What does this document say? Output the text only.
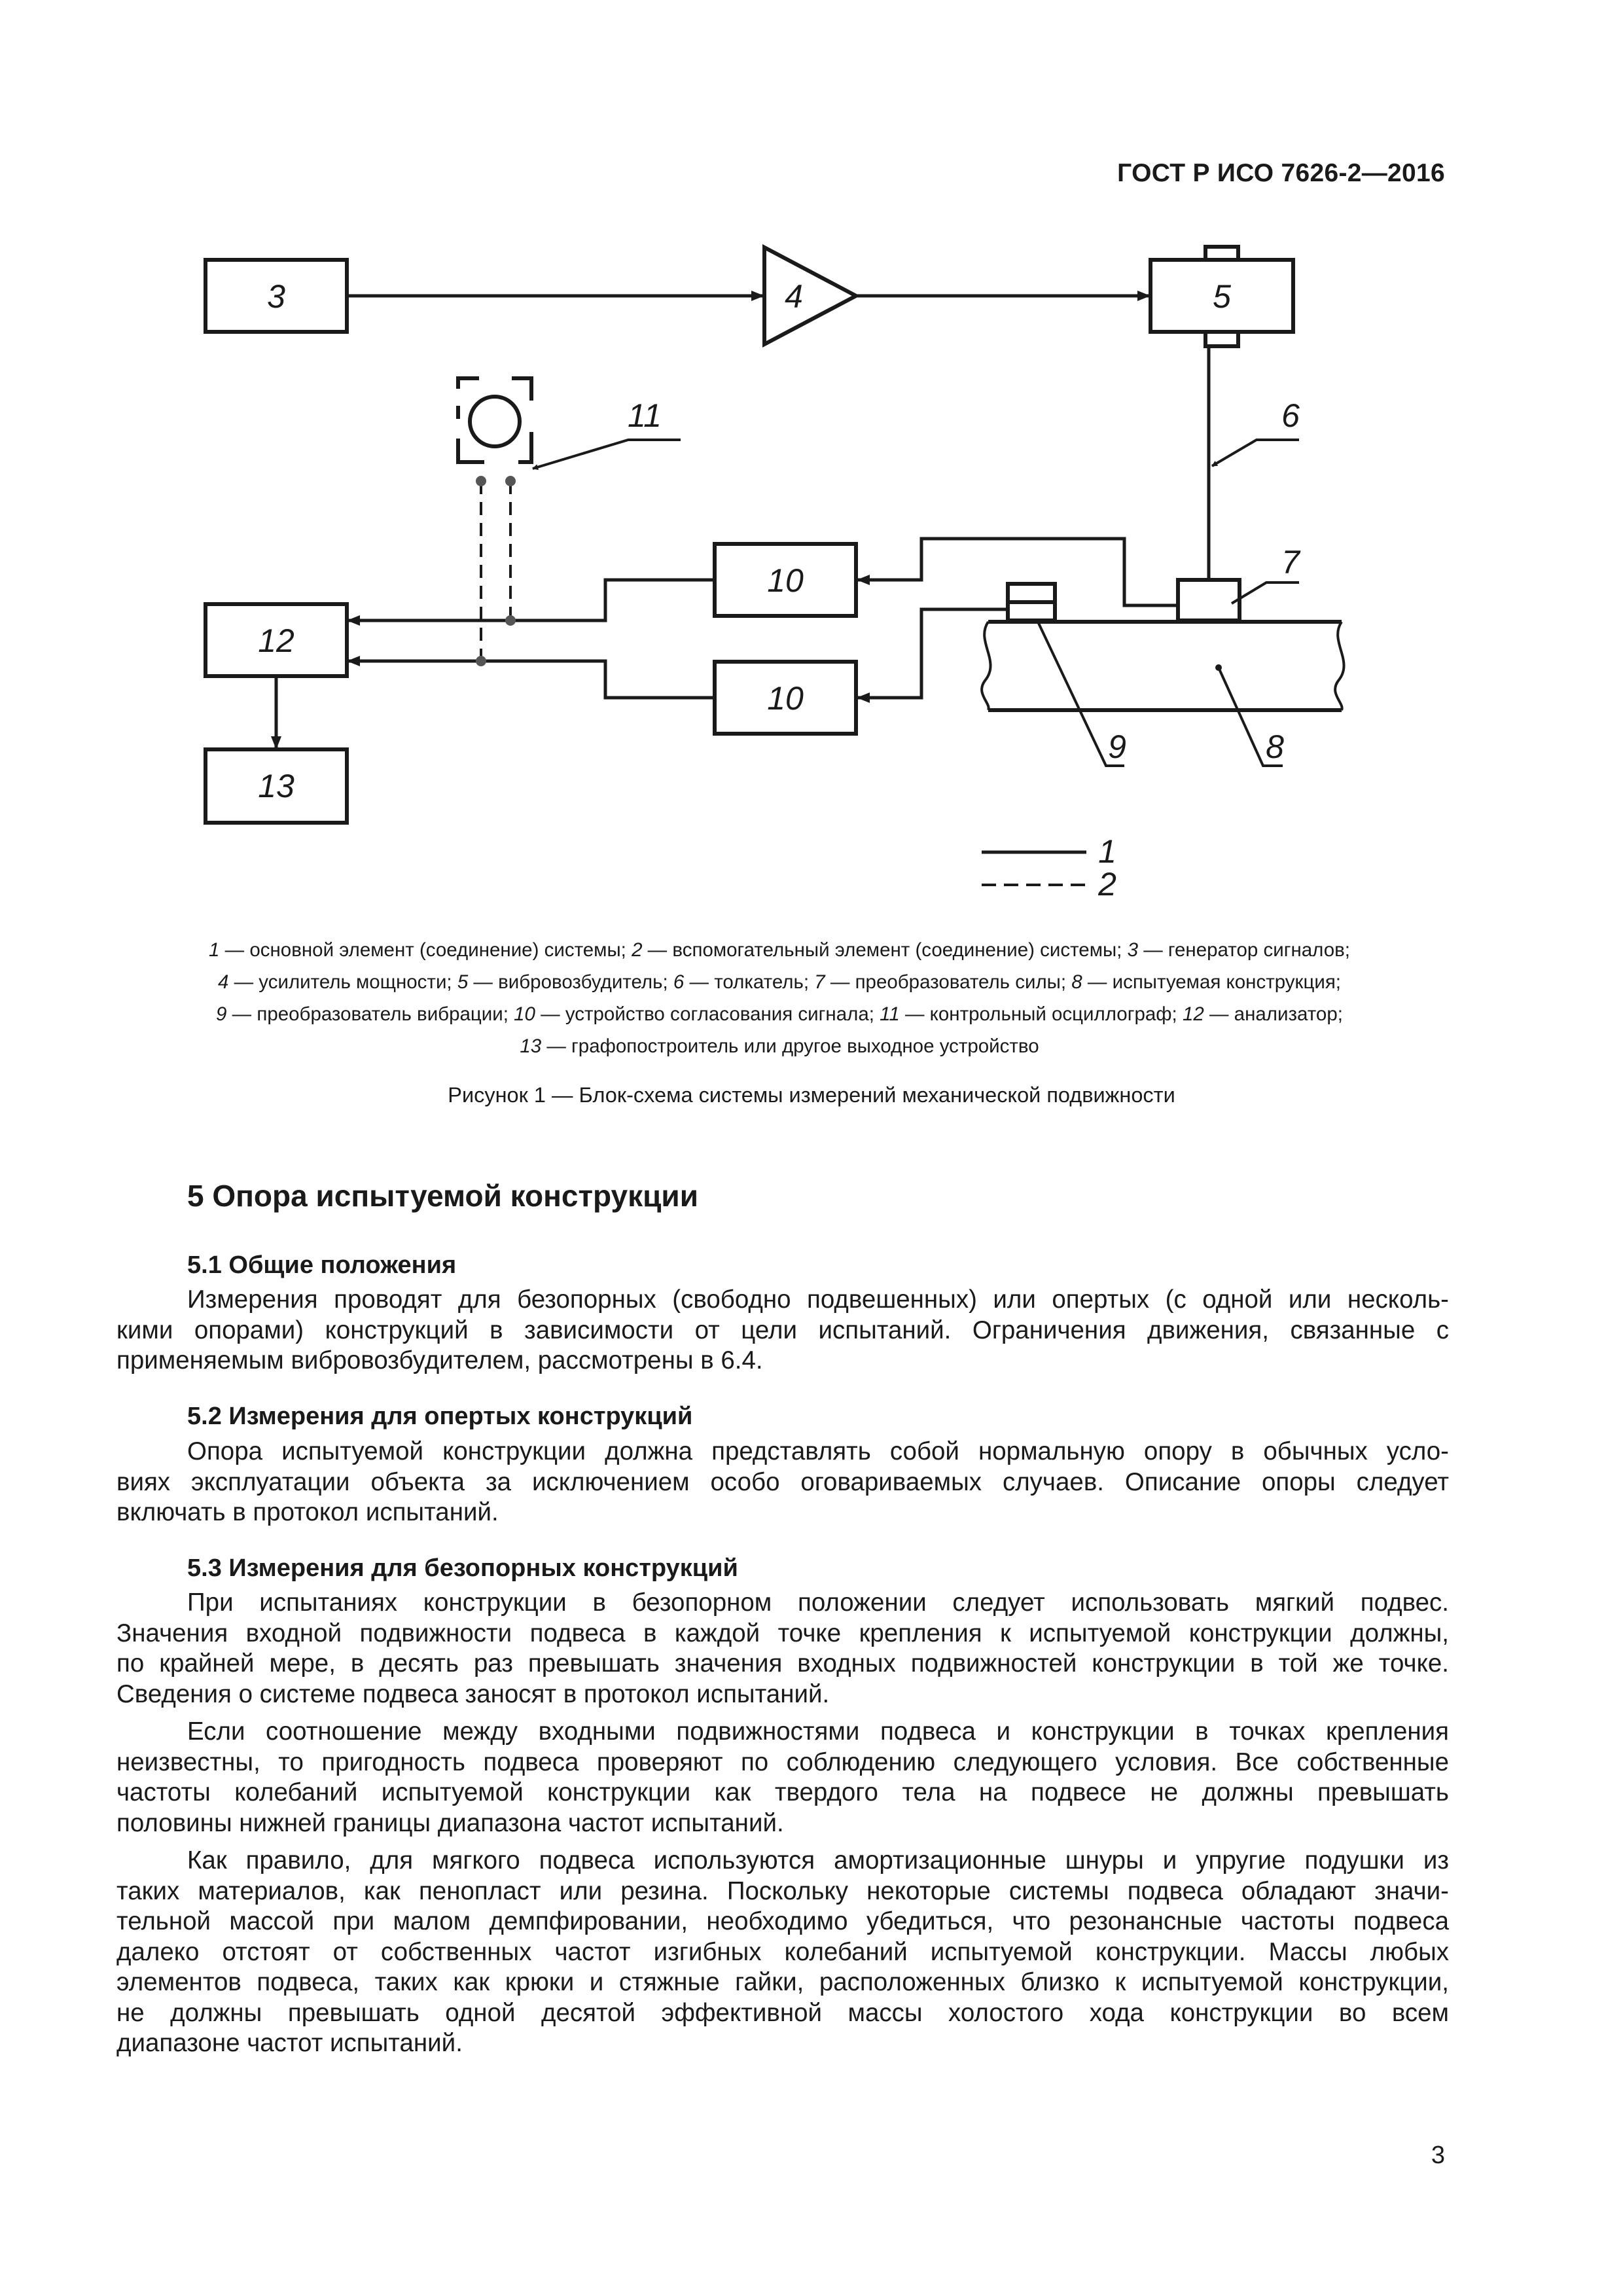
ГОСТ Р ИСО 7626-2—2016
3	4	5
6
7
8
9
10
10
11
12
13
1
2

1 — основной элемент (соединение) системы; 2 — вспомогательный элемент (соединение) системы; 3 — генератор сигналов;

4 — усилитель мощности; 5 — вибровозбудитель; 6 — толкатель; 7 — преобразователь силы; 8 — испытуемая конструкция;

9 — преобразователь вибрации; 10 — устройство согласования сигнала; 11 — контрольный осциллограф; 12 — анализатор;

13 — графопостроитель или другое выходное устройство

Рисунок 1 — Блок-схема системы измерений механической подвижности
5 Опора испытуемой конструкции
5.1 Общие положения
Измерения проводят для безопорных (свободно подвешенных) или опертых (с одной или несколь-
кими опорами) конструкций в зависимости от цели испытаний. Ограничения движения, связанные с
применяемым вибровозбудителем, рассмотрены в 6.4.
5.2 Измерения для опертых конструкций
Опора испытуемой конструкции должна представлять собой нормальную опору в обычных усло-
виях эксплуатации объекта за исключением особо оговариваемых случаев. Описание опоры следует
включать в протокол испытаний.
5.3 Измерения для безопорных конструкций
При испытаниях конструкции в безопорном положении следует использовать мягкий подвес.
Значения входной подвижности подвеса в каждой точке крепления к испытуемой конструкции должны,
по крайней мере, в десять раз превышать значения входных подвижностей конструкции в той же точке.
Сведения о системе подвеса заносят в протокол испытаний.
Если соотношение между входными подвижностями подвеса и конструкции в точках крепления
неизвестны, то пригодность подвеса проверяют по соблюдению следующего условия. Все собственные
частоты колебаний испытуемой конструкции как твердого тела на подвесе не должны превышать
половины нижней границы диапазона частот испытаний.
Как правило, для мягкого подвеса используются амортизационные шнуры и упругие подушки из
таких материалов, как пенопласт или резина. Поскольку некоторые системы подвеса обладают значи-
тельной массой при малом демпфировании, необходимо убедиться, что резонансные частоты подвеса
далеко отстоят от собственных частот изгибных колебаний испытуемой конструкции. Массы любых
элементов подвеса, таких как крюки и стяжные гайки, расположенных близко к испытуемой конструкции,
не должны превышать одной десятой эффективной массы холостого хода конструкции во всем
диапазоне частот испытаний.
3
